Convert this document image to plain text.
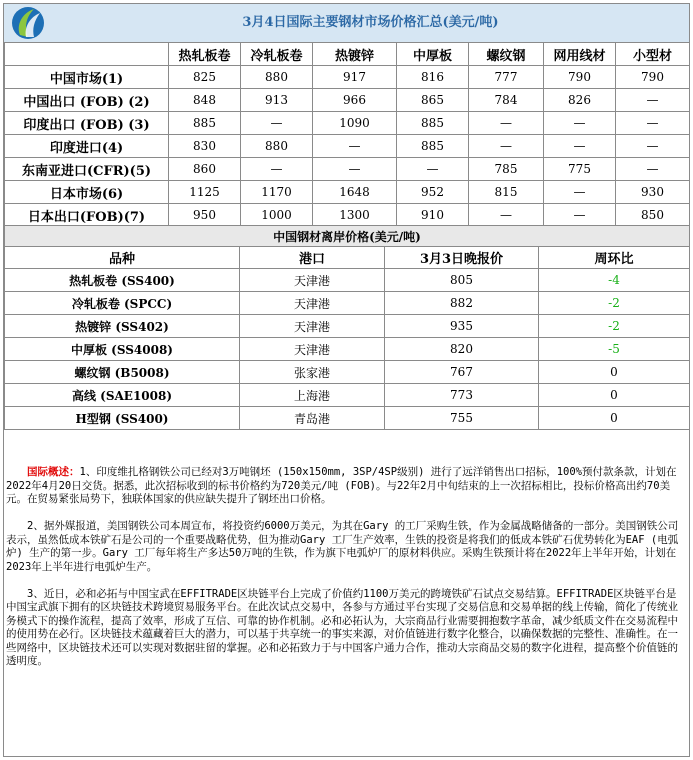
3月4日国际主要钢材市场价格汇总(美元/吨)
	热轧板卷	冷轧板卷	热镀锌	中厚板	螺纹钢	网用线材	小型材
中国市场(1)	825	880	917	816	777	790	790
中国出口 (FOB) (2)	848	913	966	865	784	826	—
印度出口 (FOB) (3)	885	—	1090	885	—	—	—
印度进口(4)	830	880	—	885	—	—	—
东南亚进口(CFR)(5)	860	—	—	—	785	775	—
日本市场(6)	1125	1170	1648	952	815	—	930
日本出口(FOB)(7)	950	1000	1300	910	—	—	850
中国钢材离岸价格(美元/吨)			
品种	港口	3月3日晚报价	周环比
热轧板卷 (SS400)	天津港	805	-4
冷轧板卷 (SPCC)	天津港	882	-2
热镀锌 (SS402)	天津港	935	-2
中厚板 (SS4008)	天津港	820	-5
螺纹钢 (B5008)	张家港	767	0
高线 (SAE1008)	上海港	773	0
H型钢 (SS400)	青岛港	755	0

国际概述：1、印度维扎格钢铁公司已经对3万吨钢坯 (150x150mm, 3SP/4SP级别) 进行了远洋销售出口招标，100%预付款条款，计划在2022年4月20日交货。据悉，此次招标收到的标书价格约为720美元/吨 (FOB)。与22年2月中旬结束的上一次招标相比，投标价格高出约70美元。在贸易紧张局势下，独联体国家的供应缺失提升了钢坯出口价格。

2、据外媒报道，美国钢铁公司本周宣布，将投资约6000万美元，为其在Gary 的工厂采购生铁，作为金属战略储备的一部分。美国钢铁公司表示，虽然低成本铁矿石是公司的一个重要战略优势，但为推动Gary 工厂生产效率，生铁的投资是将我们的低成本铁矿石优势转化为EAF (电弧炉) 生产的第一步。Gary 工厂每年将生产多达50万吨的生铁，作为旗下电弧炉厂的原材料供应。采购生铁预计将在2022年上半年开始，计划在2023年上半年进行电弧炉生产。

3、近日，必和必拓与中国宝武在EFFITRADE区块链平台上完成了价值约1100万美元的跨境铁矿石试点交易结算。EFFITRADE区块链平台是中国宝武旗下拥有的区块链技术跨境贸易服务平台。在此次试点交易中，各参与方通过平台实现了交易信息和交易单据的线上传输，简化了传统业务模式下的操作流程，提高了效率，形成了互信、可靠的协作机制。必和必拓认为，大宗商品行业需要拥抱数字革命，减少纸质文件在交易流程中的使用势在必行。区块链技术蕴藏着巨大的潜力，可以基于共享统一的事实来源，对价值链进行数字化整合，以确保数据的完整性、准确性。在一些网络中，区块链技术还可以实现对数据驻留的掌握。必和必拓致力于与中国客户通力合作，推动大宗商品交易的数字化进程，提高整个价值链的透明度。
